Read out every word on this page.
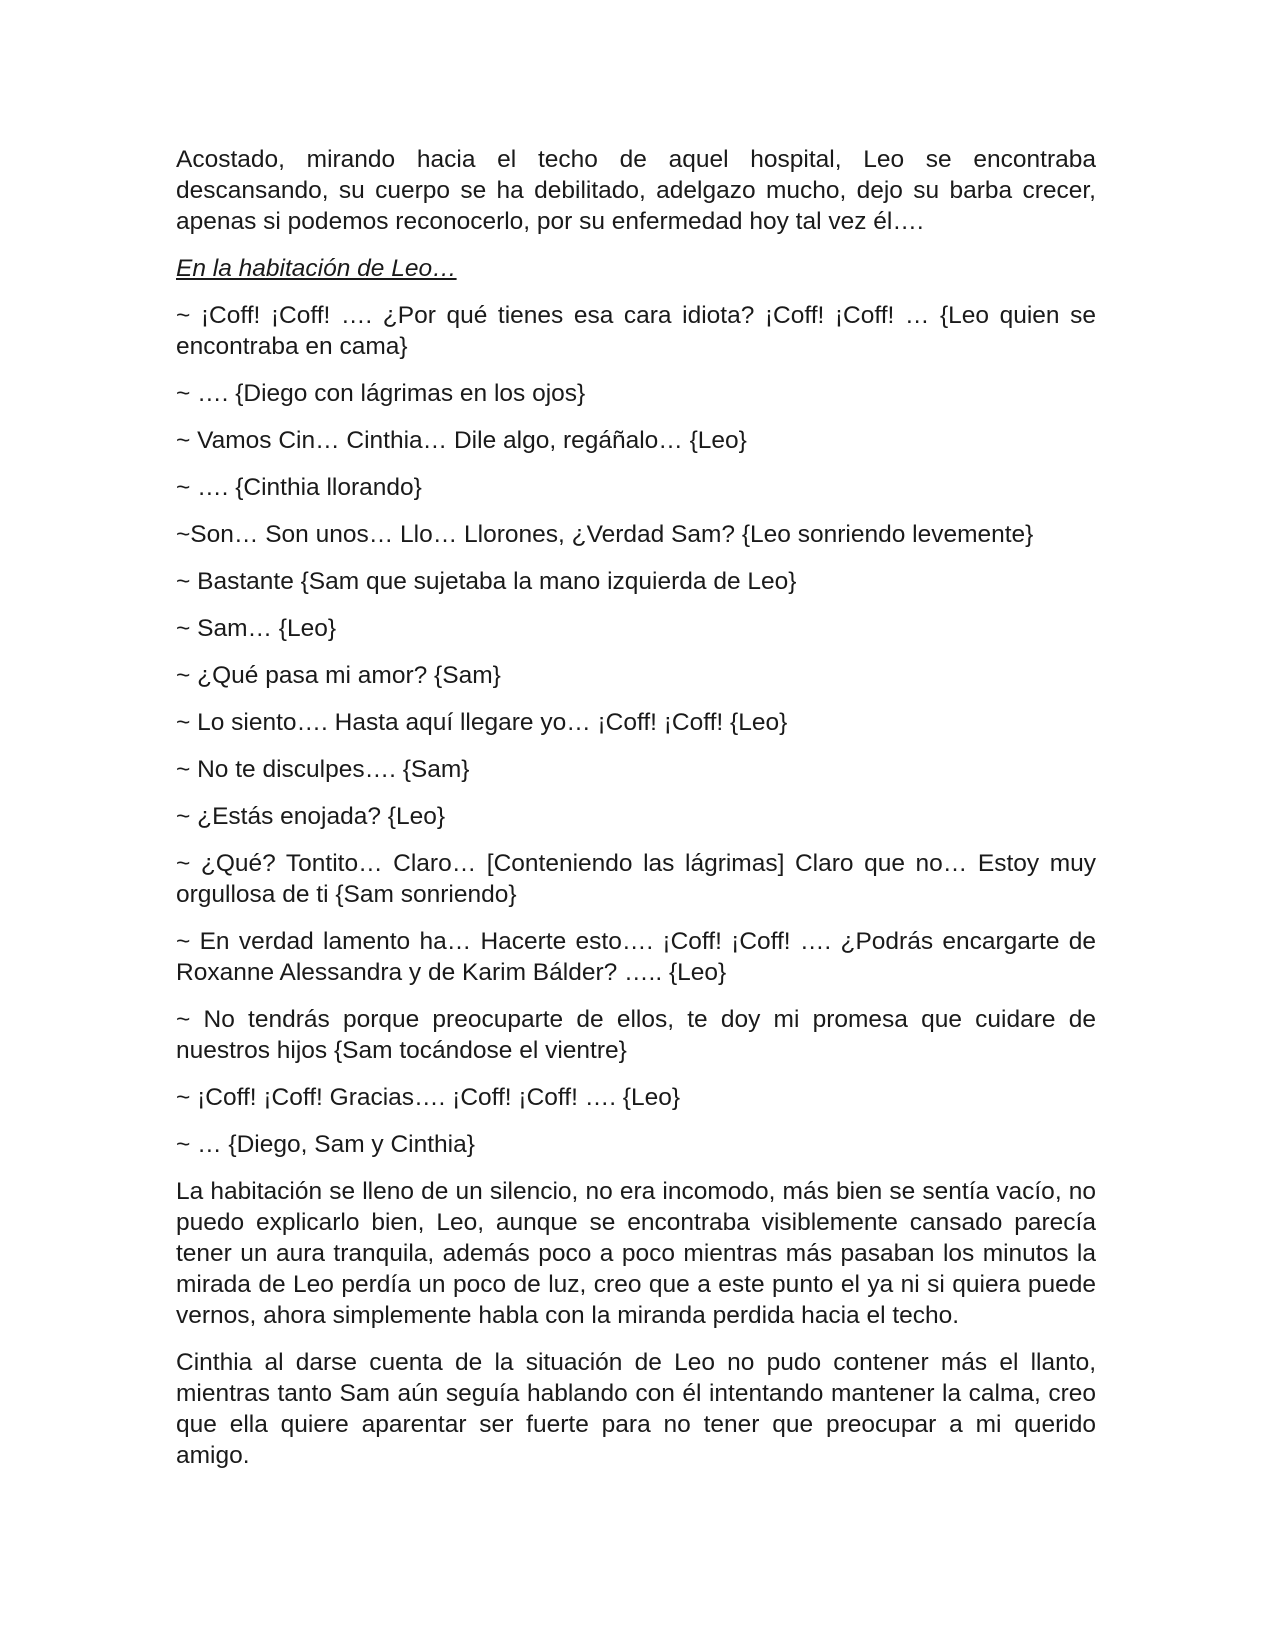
Acostado, mirando hacia el techo de aquel hospital, Leo se encontraba descansando, su cuerpo se ha debilitado, adelgazo mucho, dejo su barba crecer, apenas si podemos reconocerlo, por su enfermedad hoy tal vez él….

En la habitación de Leo…

~ ¡Coff! ¡Coff! …. ¿Por qué tienes esa cara idiota? ¡Coff! ¡Coff! … {Leo quien se encontraba en cama}

~ …. {Diego con lágrimas en los ojos}

~ Vamos Cin… Cinthia… Dile algo, regáñalo… {Leo}

~ …. {Cinthia llorando}

~Son… Son unos… Llo… Llorones, ¿Verdad Sam? {Leo sonriendo levemente}

~ Bastante {Sam que sujetaba la mano izquierda de Leo}

~ Sam… {Leo}

~ ¿Qué pasa mi amor? {Sam}

~ Lo siento…. Hasta aquí llegare yo… ¡Coff! ¡Coff! {Leo}

~ No te disculpes…. {Sam}

~ ¿Estás enojada? {Leo}

~ ¿Qué? Tontito… Claro… [Conteniendo las lágrimas] Claro que no… Estoy muy orgullosa de ti {Sam sonriendo}

~ En verdad lamento ha… Hacerte esto…. ¡Coff! ¡Coff! …. ¿Podrás encargarte de Roxanne Alessandra y de Karim Bálder? ….. {Leo}

~ No tendrás porque preocuparte de ellos, te doy mi promesa que cuidare de nuestros hijos {Sam tocándose el vientre}

~ ¡Coff! ¡Coff! Gracias…. ¡Coff! ¡Coff! …. {Leo}

~ … {Diego, Sam y Cinthia}

La habitación se lleno de un silencio, no era incomodo, más bien se sentía vacío, no puedo explicarlo bien, Leo, aunque se encontraba visiblemente cansado parecía tener un aura tranquila, además poco a poco mientras más pasaban los minutos la mirada de Leo perdía un poco de luz, creo que a este punto el ya ni si quiera puede vernos, ahora simplemente habla con la miranda perdida hacia el techo.

Cinthia al darse cuenta de la situación de Leo no pudo contener más el llanto, mientras tanto Sam aún seguía hablando con él intentando mantener la calma, creo que ella quiere aparentar ser fuerte para no tener que preocupar a mi querido amigo.
